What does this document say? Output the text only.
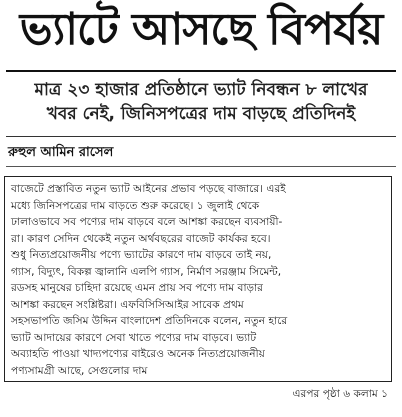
ভ্যাটে আসছে বিপর্যয়
মাত্র ২৩ হাজার প্রতিষ্ঠানে ভ্যাট নিবন্ধন ৮ লাখের
খবর নেই, জিনিসপত্রের দাম বাড়ছে প্রতিদিনই
রুহুল আমিন রাসেল
বাজেটে প্রস্তাবিত নতুন ভ্যাট আইনের প্রভাব পড়ছে বাজারে। এরই
মধ্যে জিনিসপত্রের দাম বাড়তে শুরু করেছে। ১ জুলাই থেকে
ঢালাওভাবে সব পণ্যের দাম বাড়বে বলে আশঙ্কা করছেন ব্যবসায়ী-
রা। কারণ সেদিন থেকেই নতুন অর্থবছরের বাজেট কার্যকর হবে।
শুধু নিত্যপ্রয়োজনীয় পণ্যে ভ্যাটের কারণে দাম বাড়বে তাই নয়,
গ্যাস, বিদ্যুৎ, বিকল্প জ্বালানি এলপি গ্যাস, নির্মাণ সরঞ্জাম সিমেন্ট,
রডসহ মানুষের চাহিদা রয়েছে এমন প্রায় সব পণ্যে দাম বাড়ার
আশঙ্কা করছেন সংশ্লিষ্টরা। এফবিসিসিআইর সাবেক প্রথম
সহসভাপতি জসিম উদ্দিন বাংলাদেশ প্রতিদিনকে বলেন, নতুন হারে
ভ্যাট আদায়ের কারণে সেবা খাতে পণ্যের দাম বাড়বে। ভ্যাট
অব্যাহতি পাওয়া খাদ্যপণ্যের বাইরেও অনেক নিত্যপ্রয়োজনীয়
পণ্যসামগ্রী আছে, সেগুলোর দাম
এরপর পৃষ্ঠা ৬ কলাম ১
